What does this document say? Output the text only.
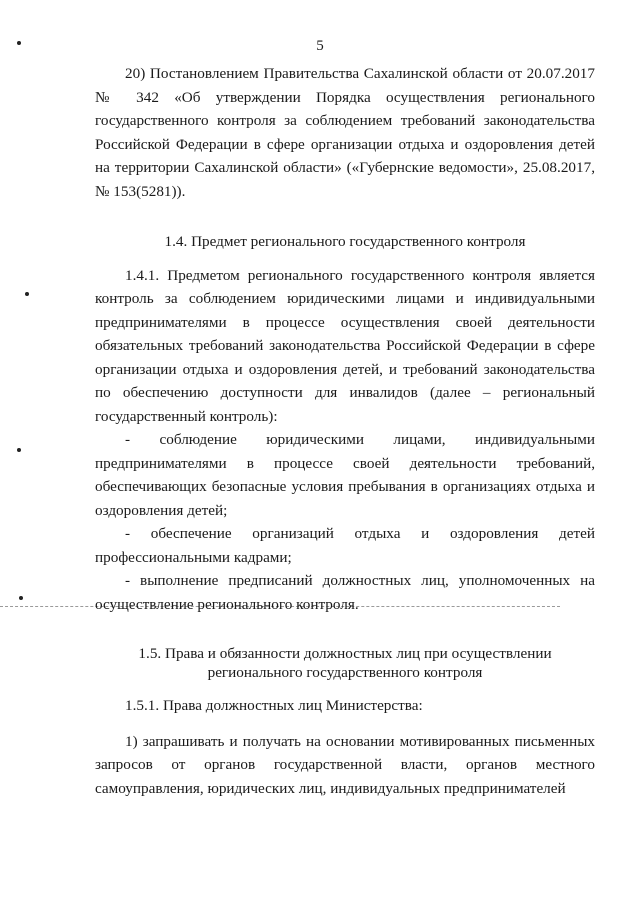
5

20) Постановлением Правительства Сахалинской области от 20.07.2017 № 342 «Об утверждении Порядка осуществления регионального государственного контроля за соблюдением требований законодательства Российской Федерации в сфере организации отдыха и оздоровления детей на территории Сахалинской области» («Губернские ведомости», 25.08.2017, № 153(5281)).

1.4. Предмет регионального государственного контроля

1.4.1. Предметом регионального государственного контроля является контроль за соблюдением юридическими лицами и индивидуальными предпринимателями в процессе осуществления своей деятельности обязательных требований законодательства Российской Федерации в сфере организации отдыха и оздоровления детей, и требований законодательства по обеспечению доступности для инвалидов (далее – региональный государственный контроль):

- соблюдение юридическими лицами, индивидуальными предпринимателями в процессе своей деятельности требований, обеспечивающих безопасные условия пребывания в организациях отдыха и оздоровления детей;

- обеспечение организаций отдыха и оздоровления детей профессиональными кадрами;

- выполнение предписаний должностных лиц, уполномоченных на осуществление регионального контроля.

1.5. Права и обязанности должностных лиц при осуществлении
регионального государственного контроля

1.5.1. Права должностных лиц Министерства:

1) запрашивать и получать на основании мотивированных письменных запросов от органов государственной власти, органов местного самоуправления, юридических лиц, индивидуальных предпринимателей
